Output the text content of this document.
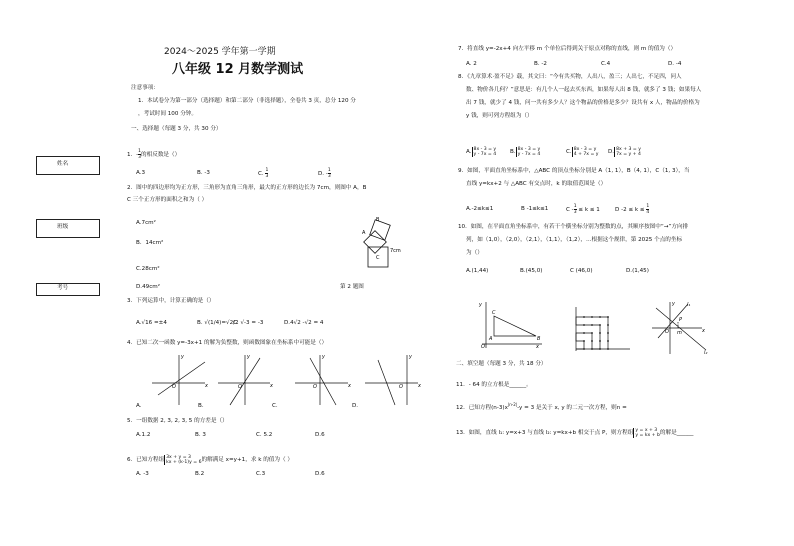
2024～2025 学年第一学期
八年级 12 月数学测试
注意事项：
1．本试卷分为第一部分（选择题）和第二部分（非选择题），全卷共 3 页，总分 120 分
，考试时间 100 分钟。
一、选择题（每题 3 分，共 30 分）
姓名
班级
考号
1．- $\frac{1}{3}$ 的相反数是（）
A.3	B. -3	C. $\frac{1}{3}$	D. - $\frac{1}{3}$
2．图中的四边形均为正方形，三角形为直角三角形，最大的正方形的边长为 7cm，则图中 A，B
C 三个正方形的面积之和为（ ）
A.7cm²
B．14cm²
C.28cm²
D.49cm²
A
B
C
7cm
第 2 题图
3．下列运算中，计算正确的是（）
A.√16 =±4	B. √(1/4)=√2/2
C. √-3 = -3	D.4√2 -√2 = 4
4．已知二次一函数 y=-3x+1 的解为负整数，则函数图象在坐标系中可能是（）
x
y
O	x
y
O	x
y
O	x
y
O
A.	B.	C.	D.
5．一组数据 2, 3, 2, 3, 5 的方差是（）
A.1.2	B. 3	C. 5.2	D.6
6．已知方程组 3x + y = 3
kx + (k-1)y = 6 的解满足 x=y+1，求 k 的值为（ ）
A. -3	B.2	C.3	D.6
7．将直线 y=-2x+4 向左平移 m 个单位后得到关于原点对称的直线，则 m 的值为（）
A. 2	B. -2	C.4	D. -4
8．《九章算术·盈不足》载，其文曰：“今有共买物，人出八，盈三；人出七，不足四，问人
数、物价各几何？”意思是：有几个人一起去买东西，如果每人出 8 钱，就多了 3 钱；如果每人
出 7 钱，就少了 4 钱，问一共有多少人？这个物品的价格是多少？设共有 x 人，物品的价格为
y 钱，则可列方程组为（）
A. 8x - 3 = y
y - 7x = 4 B. 8x - 3 = y
y - 7x = 4	C. 8x - 3 = y
4 + 7x = y D. 8x + 3 = y
7x = y + 4
9．如图，平面直角坐标系中，△ABC 的顶点坐标分别是 A（1, 1），B（4, 1），C（1, 3），当
直线 y=kx+2 与 △ABC 有交点时，k 的取值范围是（）
A.-2≤k≤1	B -1≤k≤1	$C - \frac{1}{3} \le k \le 1$	D $-2 \le k \le \frac{1}{4}$
10．如图，在平面直角坐标系中，有若干个横坐标分别为整数的点，其顺序按图中“→”方向排
列，如（1,0），（2,0），（2,1），（1,1），（1,2），…根据这个规律，第 2025 个点的坐标
为（）
A.(1,44)	B.(45,0)	C (46,0)	D.(1,45)
A	B
C
O
y
x
l₁
l₂
P
m
O	x
y
二、填空题（每题 3 分，共 18 分）
11．- 64 的立方根是______。
12．已知方程$(n-3)x^{|n-2|}-y = 3$ 是关于 x, y 的二元一次方程，则n =
13．如图，直线 l₁: y=x+3 与直线 l₂: y=kx+b 相交于点 P，则方程组 y = x + 3
y = kx + b 的解是______
